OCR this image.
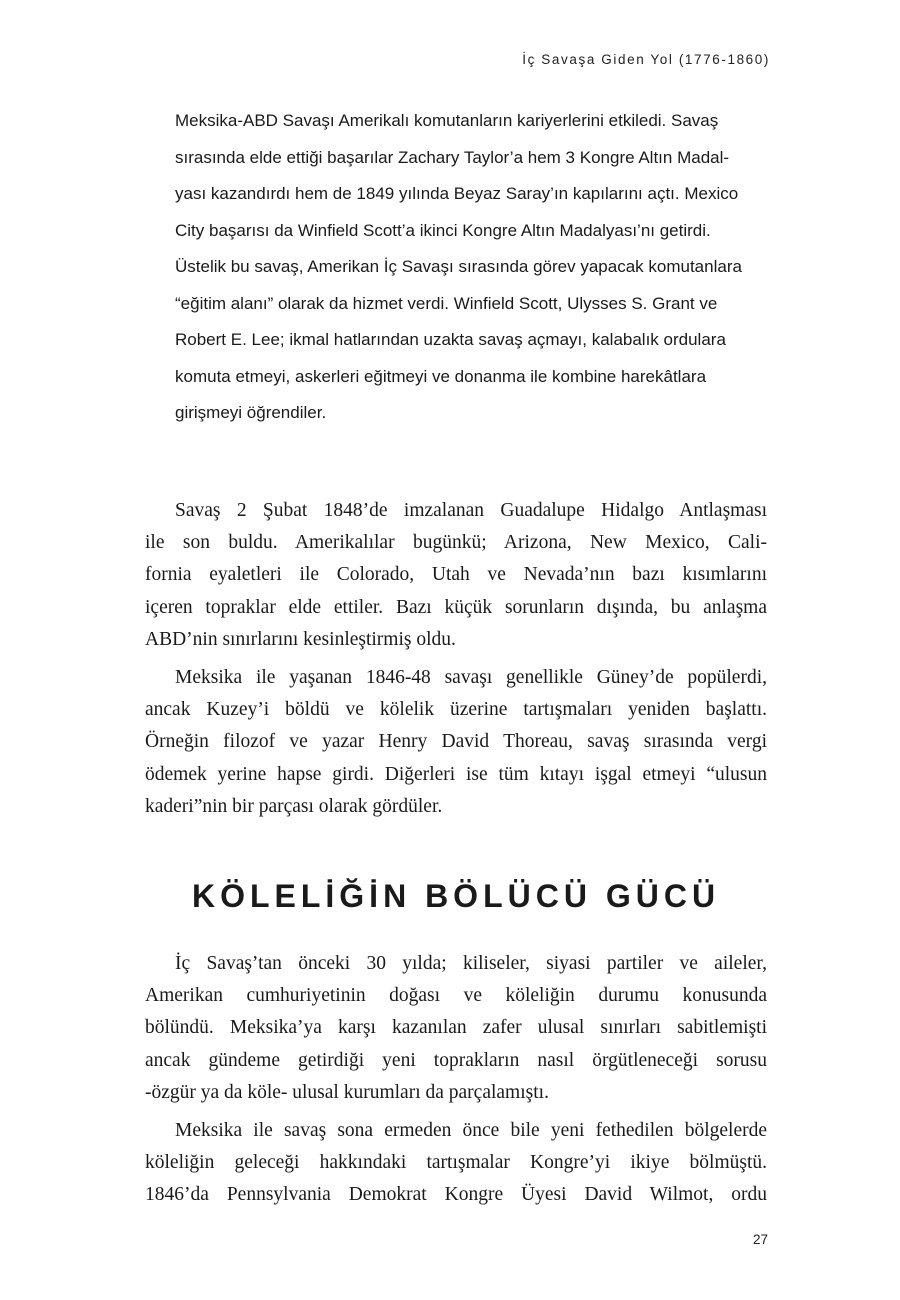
İç Savaşa Giden Yol (1776-1860)
Meksika-ABD Savaşı Amerikalı komutanların kariyerlerini etkiledi. Savaş
sırasında elde ettiği başarılar Zachary Taylor’a hem 3 Kongre Altın Madal-
yası kazandırdı hem de 1849 yılında Beyaz Saray’ın kapılarını açtı. Mexico
City başarısı da Winfield Scott’a ikinci Kongre Altın Madalyası’nı getirdi.
Üstelik bu savaş, Amerikan İç Savaşı sırasında görev yapacak komutanlara
“eğitim alanı” olarak da hizmet verdi. Winfield Scott, Ulysses S. Grant ve
Robert E. Lee; ikmal hatlarından uzakta savaş açmayı, kalabalık ordulara
komuta etmeyi, askerleri eğitmeyi ve donanma ile kombine harekâtlara
girişmeyi öğrendiler.
Savaş 2 Şubat 1848’de imzalanan Guadalupe Hidalgo Antlaşması
ile son buldu. Amerikalılar bugünkü; Arizona, New Mexico, Cali-
fornia eyaletleri ile Colorado, Utah ve Nevada’nın bazı kısımlarını
içeren topraklar elde ettiler. Bazı küçük sorunların dışında, bu anlaşma
ABD’nin sınırlarını kesinleştirmiş oldu.
Meksika ile yaşanan 1846-48 savaşı genellikle Güney’de popülerdi,
ancak Kuzey’i böldü ve kölelik üzerine tartışmaları yeniden başlattı.
Örneğin filozof ve yazar Henry David Thoreau, savaş sırasında vergi
ödemek yerine hapse girdi. Diğerleri ise tüm kıtayı işgal etmeyi “ulusun
kaderi”nin bir parçası olarak gördüler.
KÖLELİĞİN BÖLÜCÜ GÜCÜ
İç Savaş’tan önceki 30 yılda; kiliseler, siyasi partiler ve aileler,
Amerikan cumhuriyetinin doğası ve köleliğin durumu konusunda
bölündü. Meksika’ya karşı kazanılan zafer ulusal sınırları sabitlemişti
ancak gündeme getirdiği yeni toprakların nasıl örgütleneceği sorusu
-özgür ya da köle- ulusal kurumları da parçalamıştı.
Meksika ile savaş sona ermeden önce bile yeni fethedilen bölgelerde
köleliğin geleceği hakkındaki tartışmalar Kongre’yi ikiye bölmüştü.
1846’da Pennsylvania Demokrat Kongre Üyesi David Wilmot, ordu
27
